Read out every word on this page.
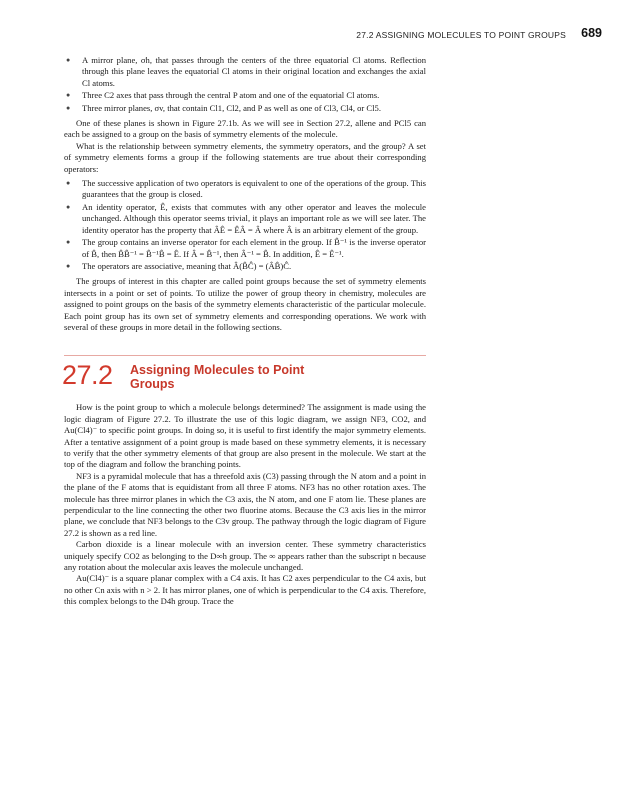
27.2 ASSIGNING MOLECULES TO POINT GROUPS 689
● A mirror plane, σh, that passes through the centers of the three equatorial Cl atoms. Reflection through this plane leaves the equatorial Cl atoms in their original location and exchanges the axial Cl atoms.
● Three C2 axes that pass through the central P atom and one of the equatorial Cl atoms.
● Three mirror planes, σv, that contain Cl1, Cl2, and P as well as one of Cl3, Cl4, or Cl5.

One of these planes is shown in Figure 27.1b. As we will see in Section 27.2, allene and PCl5 can each be assigned to a group on the basis of symmetry elements of the molecule.

What is the relationship between symmetry elements, the symmetry operators, and the group? A set of symmetry elements forms a group if the following statements are true about their corresponding operators:

● The successive application of two operators is equivalent to one of the operations of the group. This guarantees that the group is closed.
● An identity operator, Ê, exists that commutes with any other operator and leaves the molecule unchanged. Although this operator seems trivial, it plays an important role as we will see later. The identity operator has the property that ÂÊ = ÊÂ = Â where Â is an arbitrary element of the group.
● The group contains an inverse operator for each element in the group. If B̂⁻¹ is the inverse operator of B̂, then B̂B̂⁻¹ = B̂⁻¹B̂ = Ê. If Â = B̂⁻¹, then Â⁻¹ = B̂. In addition, Ê = Ê⁻¹.
● The operators are associative, meaning that Â(B̂Ĉ) = (ÂB̂)Ĉ.

The groups of interest in this chapter are called point groups because the set of symmetry elements intersects in a point or set of points. To utilize the power of group theory in chemistry, molecules are assigned to point groups on the basis of the symmetry elements characteristic of the particular molecule. Each point group has its own set of symmetry elements and corresponding operations. We work with several of these groups in more detail in the following sections.

27.2 Assigning Molecules to Point
Groups

How is the point group to which a molecule belongs determined? The assignment is made using the logic diagram of Figure 27.2. To illustrate the use of this logic diagram, we assign NF3, CO2, and Au(Cl4)⁻ to specific point groups. In doing so, it is useful to first identify the major symmetry elements. After a tentative assignment of a point group is made based on these symmetry elements, it is necessary to verify that the other symmetry elements of that group are also present in the molecule. We start at the top of the diagram and follow the branching points.

NF3 is a pyramidal molecule that has a threefold axis (C3) passing through the N atom and a point in the plane of the F atoms that is equidistant from all three F atoms. NF3 has no other rotation axes. The molecule has three mirror planes in which the C3 axis, the N atom, and one F atom lie. These planes are perpendicular to the line connecting the other two fluorine atoms. Because the C3 axis lies in the mirror plane, we conclude that NF3 belongs to the C3v group. The pathway through the logic diagram of Figure 27.2 is shown as a red line.

Carbon dioxide is a linear molecule with an inversion center. These symmetry characteristics uniquely specify CO2 as belonging to the D∞h group. The ∞ appears rather than the subscript n because any rotation about the molecular axis leaves the molecule unchanged.

Au(Cl4)⁻ is a square planar complex with a C4 axis. It has C2 axes perpendicular to the C4 axis, but no other Cn axis with n > 2. It has mirror planes, one of which is perpendicular to the C4 axis. Therefore, this complex belongs to the D4h group. Trace the
